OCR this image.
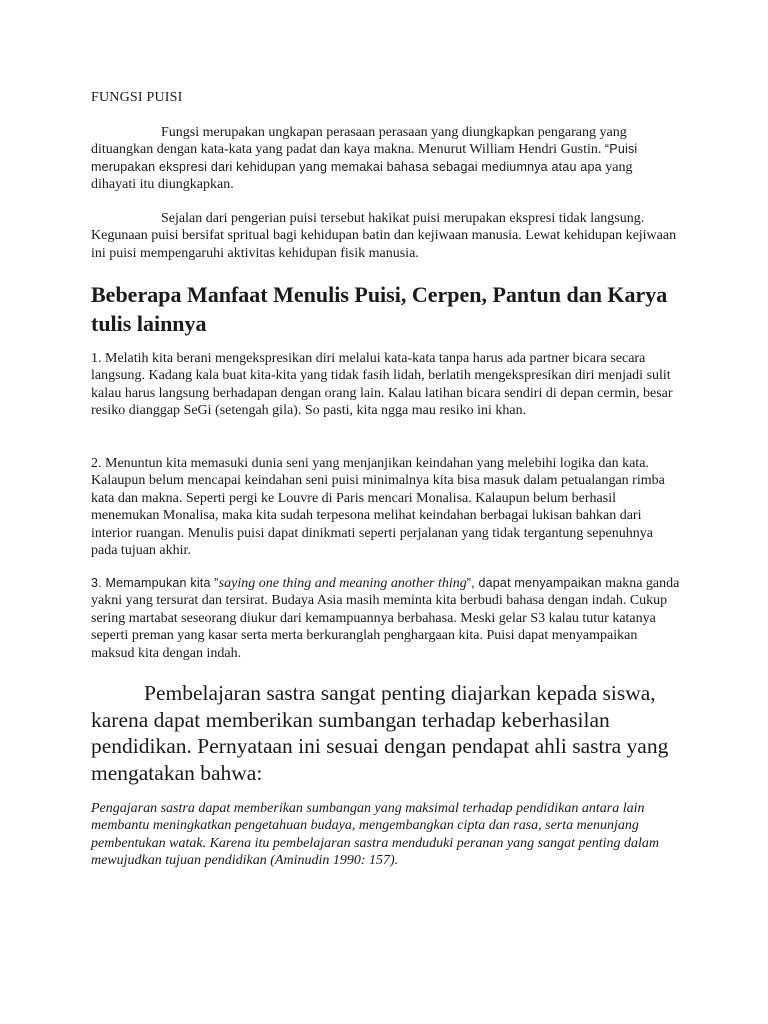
FUNGSI PUISI

Fungsi merupakan ungkapan perasaan perasaan yang diungkapkan pengarang yang dituangkan dengan kata-kata yang padat dan kaya makna. Menurut William Hendri Gustin. “Puisi merupakan ekspresi dari kehidupan yang memakai bahasa sebagai mediumnya atau apa yang dihayati itu diungkapkan.

Sejalan dari pengerian puisi tersebut hakikat puisi merupakan ekspresi tidak langsung. Kegunaan puisi bersifat spritual bagi kehidupan batin dan kejiwaan manusia. Lewat kehidupan kejiwaan ini puisi mempengaruhi aktivitas kehidupan fisik manusia.

Beberapa Manfaat Menulis Puisi, Cerpen, Pantun dan Karya tulis lainnya

1. Melatih kita berani mengekspresikan diri melalui kata-kata tanpa harus ada partner bicara secara langsung. Kadang kala buat kita-kita yang tidak fasih lidah, berlatih mengekspresikan diri menjadi sulit kalau harus langsung berhadapan dengan orang lain. Kalau latihan bicara sendiri di depan cermin, besar resiko dianggap SeGi (setengah gila). So pasti, kita ngga mau resiko ini khan.

2. Menuntun kita memasuki dunia seni yang menjanjikan keindahan yang melebihi logika dan kata. Kalaupun belum mencapai keindahan seni puisi minimalnya kita bisa masuk dalam petualangan rimba kata dan makna. Seperti pergi ke Louvre di Paris mencari Monalisa. Kalaupun belum berhasil menemukan Monalisa, maka kita sudah terpesona melihat keindahan berbagai lukisan bahkan dari interior ruangan. Menulis puisi dapat dinikmati seperti perjalanan yang tidak tergantung sepenuhnya pada tujuan akhir.

3. Memampukan kita ”saying one thing and meaning another thing”, dapat menyampaikan makna ganda yakni yang tersurat dan tersirat. Budaya Asia masih meminta kita berbudi bahasa dengan indah. Cukup sering martabat seseorang diukur dari kemampuannya berbahasa. Meski gelar S3 kalau tutur katanya seperti preman yang kasar serta merta berkuranglah penghargaan kita. Puisi dapat menyampaikan maksud kita dengan indah.

Pembelajaran sastra sangat penting diajarkan kepada siswa, karena dapat memberikan sumbangan terhadap keberhasilan pendidikan. Pernyataan ini sesuai dengan pendapat ahli sastra yang mengatakan bahwa:

Pengajaran sastra dapat memberikan sumbangan yang maksimal terhadap pendidikan antara lain membantu meningkatkan pengetahuan budaya, mengembangkan cipta dan rasa, serta menunjang pembentukan watak. Karena itu pembelajaran sastra menduduki peranan yang sangat penting dalam mewujudkan tujuan pendidikan (Aminudin 1990: 157).
